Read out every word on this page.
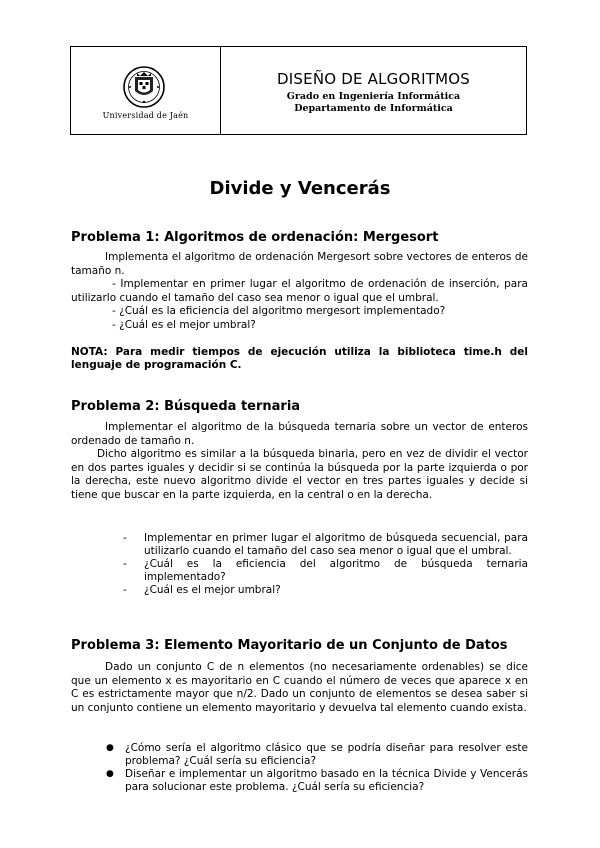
Universidad de Jaén
DISEÑO DE ALGORITMOS
Grado en Ingeniería Informática
Departamento de Informática
Divide y Vencerás
Problema 1: Algoritmos de ordenación: Mergesort
Implementa el algoritmo de ordenación Mergesort sobre vectores de enteros de tamaño n.
- Implementar en primer lugar el algoritmo de ordenación de inserción, para utilizarlo cuando el tamaño del caso sea menor o igual que el umbral.
- ¿Cuál es la eficiencia del algoritmo mergesort implementado?
- ¿Cuál es el mejor umbral?
NOTA: Para medir tiempos de ejecución utiliza la biblioteca time.h del lenguaje de programación C.
Problema 2: Búsqueda ternaria
Implementar el algoritmo de la búsqueda ternaria sobre un vector de enteros ordenado de tamaño n.
Dicho algoritmo es similar a la búsqueda binaria, pero en vez de dividir el vector en dos partes iguales y decidir si se continúa la búsqueda por la parte izquierda o por la derecha, este nuevo algoritmo divide el vector en tres partes iguales y decide si tiene que buscar en la parte izquierda, en la central o en la derecha.
- Implementar en primer lugar el algoritmo de búsqueda secuencial, para utilizarlo cuando el tamaño del caso sea menor o igual que el umbral.
- ¿Cuál es la eficiencia del algoritmo de búsqueda ternaria implementado?
- ¿Cuál es el mejor umbral?
Problema 3: Elemento Mayoritario de un Conjunto de Datos
Dado un conjunto C de n elementos (no necesariamente ordenables) se dice que un elemento x es mayoritario en C cuando el número de veces que aparece x en C es estrictamente mayor que n/2. Dado un conjunto de elementos se desea saber si un conjunto contiene un elemento mayoritario y devuelva tal elemento cuando exista.
● ¿Cómo sería el algoritmo clásico que se podría diseñar para resolver este problema? ¿Cuál sería su eficiencia?
● Diseñar e implementar un algoritmo basado en la técnica Divide y Vencerás para solucionar este problema. ¿Cuál sería su eficiencia?
